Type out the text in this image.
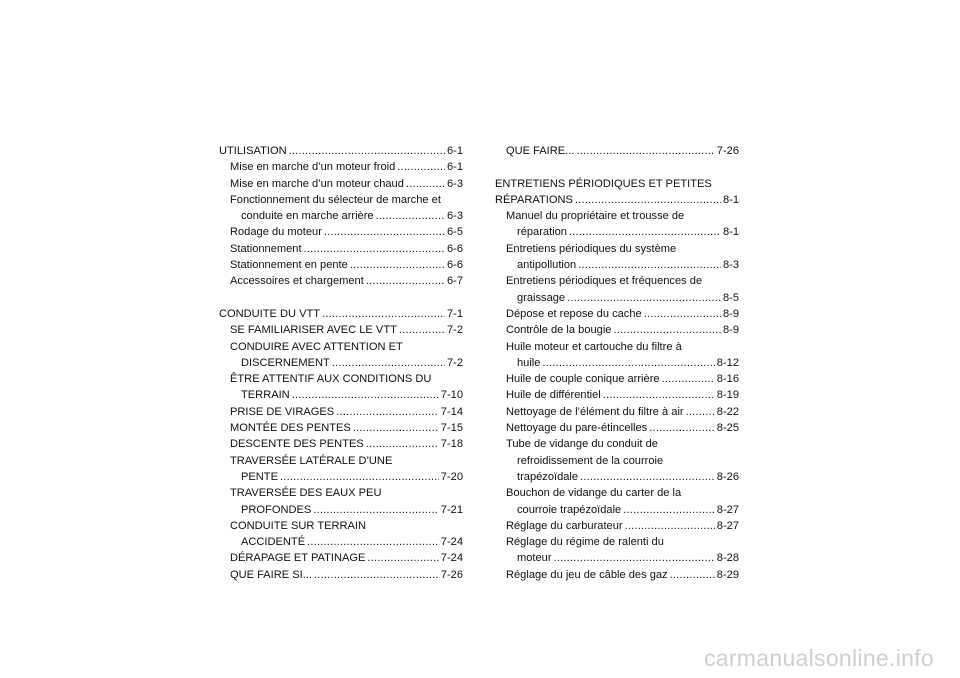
UTILISATION .....	6-1
Mise en marche d’un moteur froid .....	6-1
Mise en marche d’un moteur chaud .....	6-3
Fonctionnement du sélecteur de marche et
conduite en marche arrière .....	6-3
Rodage du moteur .....	6-5
Stationnement .....	6-6
Stationnement en pente .....	6-6
Accessoires et chargement .....	6-7
CONDUITE DU VTT .....	7-1
SE FAMILIARISER AVEC LE VTT .....	7-2
CONDUIRE AVEC ATTENTION ET
DISCERNEMENT .....	7-2
ÊTRE ATTENTIF AUX CONDITIONS DU
TERRAIN .....	7-10
PRISE DE VIRAGES .....	7-14
MONTÉE DES PENTES .....	7-15
DESCENTE DES PENTES .....	7-18
TRAVERSÉE LATÉRALE D’UNE
PENTE .....	7-20
TRAVERSÉE DES EAUX PEU
PROFONDES .....	7-21
CONDUITE SUR TERRAIN
ACCIDENTÉ .....	7-24
DÉRAPAGE ET PATINAGE .....	7-24
QUE FAIRE SI... .....	7-26
QUE FAIRE... .....	7-26
ENTRETIENS PÉRIODIQUES ET PETITES
RÉPARATIONS .....	8-1
Manuel du propriétaire et trousse de
réparation .....	8-1
Entretiens périodiques du système
antipollution .....	8-3
Entretiens périodiques et fréquences de
graissage .....	8-5
Dépose et repose du cache .....	8-9
Contrôle de la bougie .....	8-9
Huile moteur et cartouche du filtre à
huile .....	8-12
Huile de couple conique arrière .....	8-16
Huile de différentiel .....	8-19
Nettoyage de l’élément du filtre à air .....	8-22
Nettoyage du pare-étincelles .....	8-25
Tube de vidange du conduit de
refroidissement de la courroie
trapézoïdale .....	8-26
Bouchon de vidange du carter de la
courroie trapézoïdale .....	8-27
Réglage du carburateur .....	8-27
Réglage du régime de ralenti du
moteur .....	8-28
Réglage du jeu de câble des gaz .....	8-29
carmanualsonline.info
